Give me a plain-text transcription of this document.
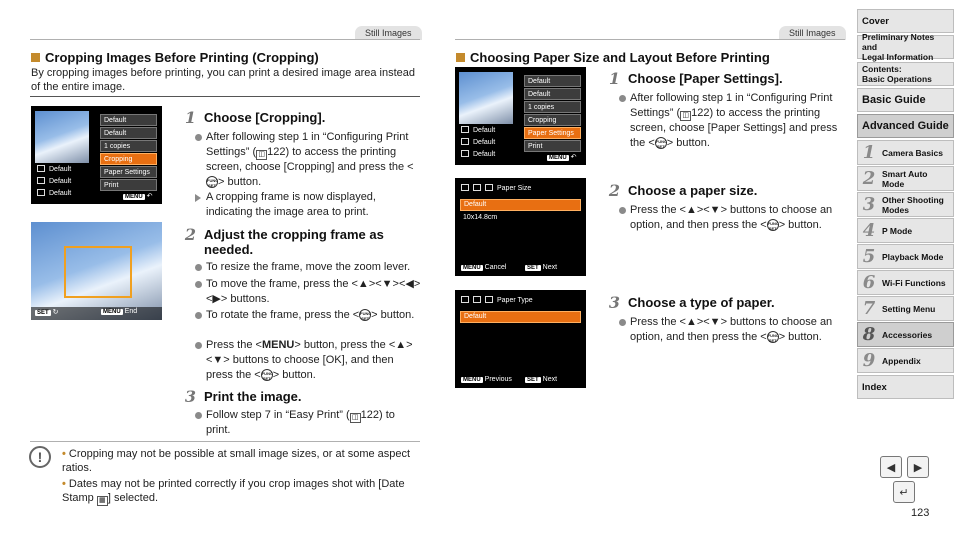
Still Images	Still Images
Cropping Images Before Printing (Cropping)
By cropping images before printing, you can print a desired image area instead of the entire image.
Default
Default
1 copies
Cropping
Paper Settings
Print
Default
Default
Default	MENU ↶
SET ↻	MENU End
1 Choose [Cropping].
After following step 1 in “Configuring Print Settings” ( ◫ 122) to access the printing screen, choose [Cropping] and press the <FUNC SET > button.
A cropping frame is now displayed, indicating the image area to print.
2 Adjust the cropping frame as needed.
To resize the frame, move the zoom lever.
To move the frame, press the <▲><▼><◀><▶> buttons.
To rotate the frame, press the <FUNC SET > button.
Press the <MENU> button, press the <▲><▼> buttons to choose [OK], and then press the <FUNC SET > button.
3 Print the image.
Follow step 7 in “Easy Print” ( ◫ 122) to print.
!	• Cropping may not be possible at small image sizes, or at some aspect ratios.
• Dates may not be printed correctly if you crop images shot with [Date Stamp ▦ ] selected.
Choosing Paper Size and Layout Before Printing
Default
Default
1 copies
Cropping
Paper Settings
Print
Default
Default
Default	MENU ↶
Paper Size
Default
10x14.8cm
MENU Cancel	SET Next
Paper Type
Default
MENU Previous	SET Next
1 Choose [Paper Settings].
After following step 1 in “Configuring Print Settings” ( ◫ 122) to access the printing screen, choose [Paper Settings] and press the <FUNC SET > button.
2 Choose a paper size.
Press the <▲><▼> buttons to choose an option, and then press the <FUNC SET > button.
3 Choose a type of paper.
Press the <▲><▼> buttons to choose an option, and then press the <FUNC SET > button.
Cover
Preliminary Notes and
Legal Information
Contents:
Basic Operations
Basic Guide
Advanced Guide
1 Camera Basics
2 Smart Auto
Mode
3 Other Shooting
Modes
4 P Mode
5 Playback Mode
6 Wi-Fi Functions
7 Setting Menu
8 Accessories
9 Appendix
Index
◀ ▶
↵
123
